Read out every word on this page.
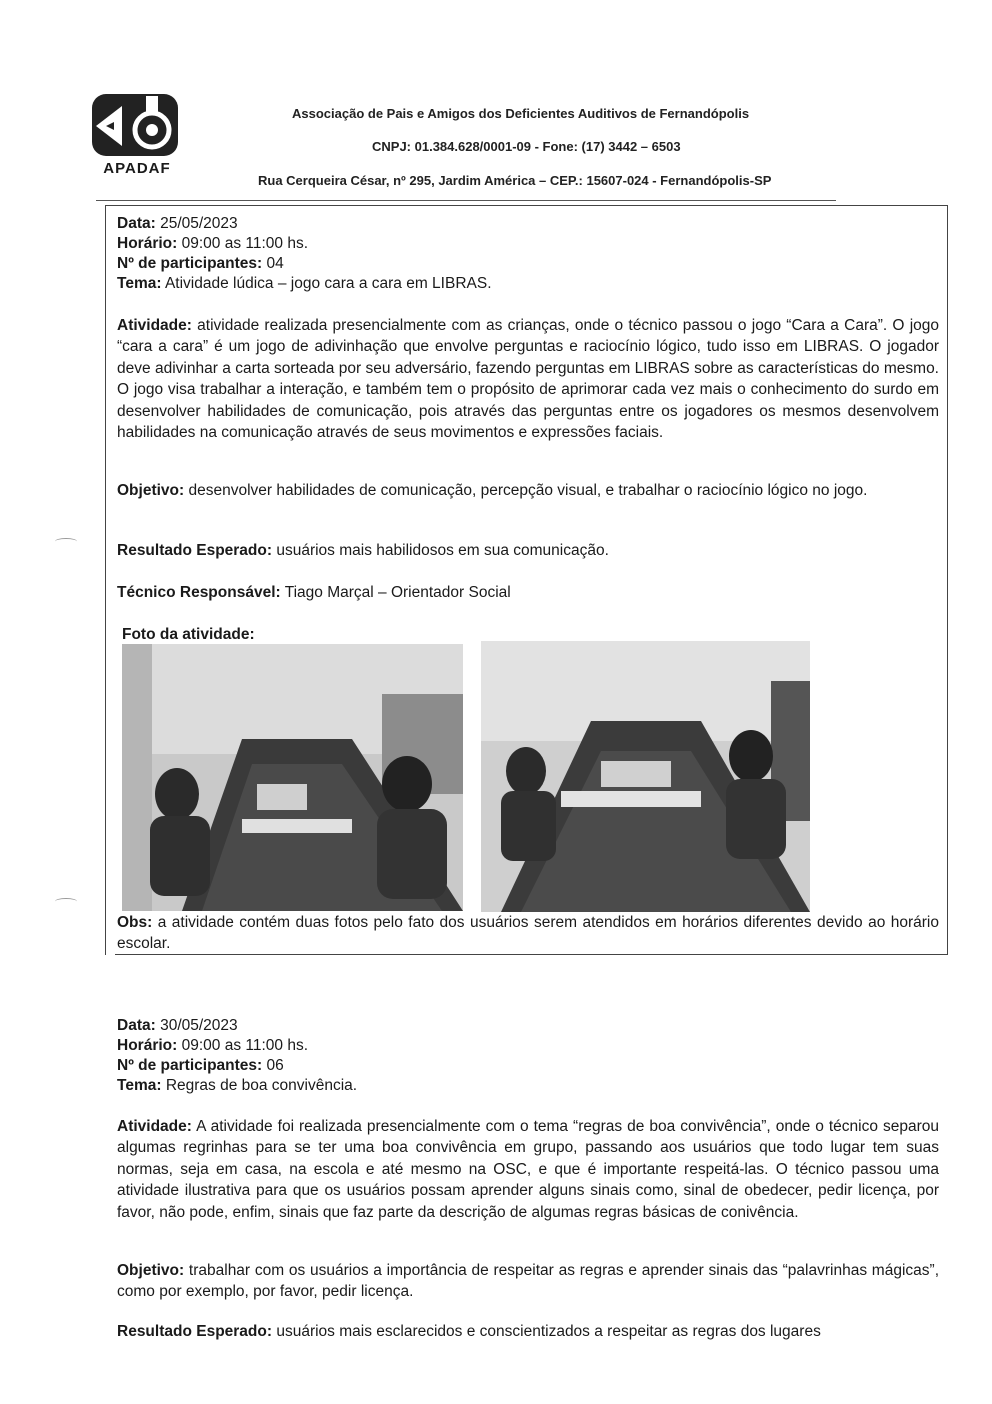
APADAF
Associação de Pais e Amigos dos Deficientes Auditivos de Fernandópolis
CNPJ: 01.384.628/0001-09 - Fone: (17) 3442 – 6503
Rua Cerqueira César, nº 295, Jardim América – CEP.: 15607-024 - Fernandópolis-SP
Data: 25/05/2023
Horário: 09:00 as 11:00 hs.
Nº de participantes: 04
Tema: Atividade lúdica – jogo cara a cara em LIBRAS.

Atividade: atividade realizada presencialmente com as crianças, onde o técnico passou o jogo “Cara a Cara”. O jogo “cara a cara” é um jogo de adivinhação que envolve perguntas e raciocínio lógico, tudo isso em LIBRAS. O jogador deve adivinhar a carta sorteada por seu adversário, fazendo perguntas em LIBRAS sobre as características do mesmo. O jogo visa trabalhar a interação, e também tem o propósito de aprimorar cada vez mais o conhecimento do surdo em desenvolver habilidades de comunicação, pois através das perguntas entre os jogadores os mesmos desenvolvem habilidades na comunicação através de seus movimentos e expressões faciais.

Objetivo: desenvolver habilidades de comunicação, percepção visual, e trabalhar o raciocínio lógico no jogo.

Resultado Esperado: usuários mais habilidosos em sua comunicação.
Técnico Responsável: Tiago Marçal – Orientador Social
Foto da atividade:

Obs: a atividade contém duas fotos pelo fato dos usuários serem atendidos em horários diferentes devido ao horário escolar.

Data: 30/05/2023
Horário: 09:00 as 11:00 hs.
Nº de participantes: 06
Tema: Regras de boa convivência.

Atividade: A atividade foi realizada presencialmente com o tema “regras de boa convivência”, onde o técnico separou algumas regrinhas para se ter uma boa convivência em grupo, passando aos usuários que todo lugar tem suas normas, seja em casa, na escola e até mesmo na OSC, e que é importante respeitá-las. O técnico passou uma atividade ilustrativa para que os usuários possam aprender alguns sinais como, sinal de obedecer, pedir licença, por favor, não pode, enfim, sinais que faz parte da descrição de algumas regras básicas de conivência.

Objetivo: trabalhar com os usuários a importância de respeitar as regras e aprender sinais das “palavrinhas mágicas”, como por exemplo, por favor, pedir licença.

Resultado Esperado: usuários mais esclarecidos e conscientizados a respeitar as regras dos lugares
